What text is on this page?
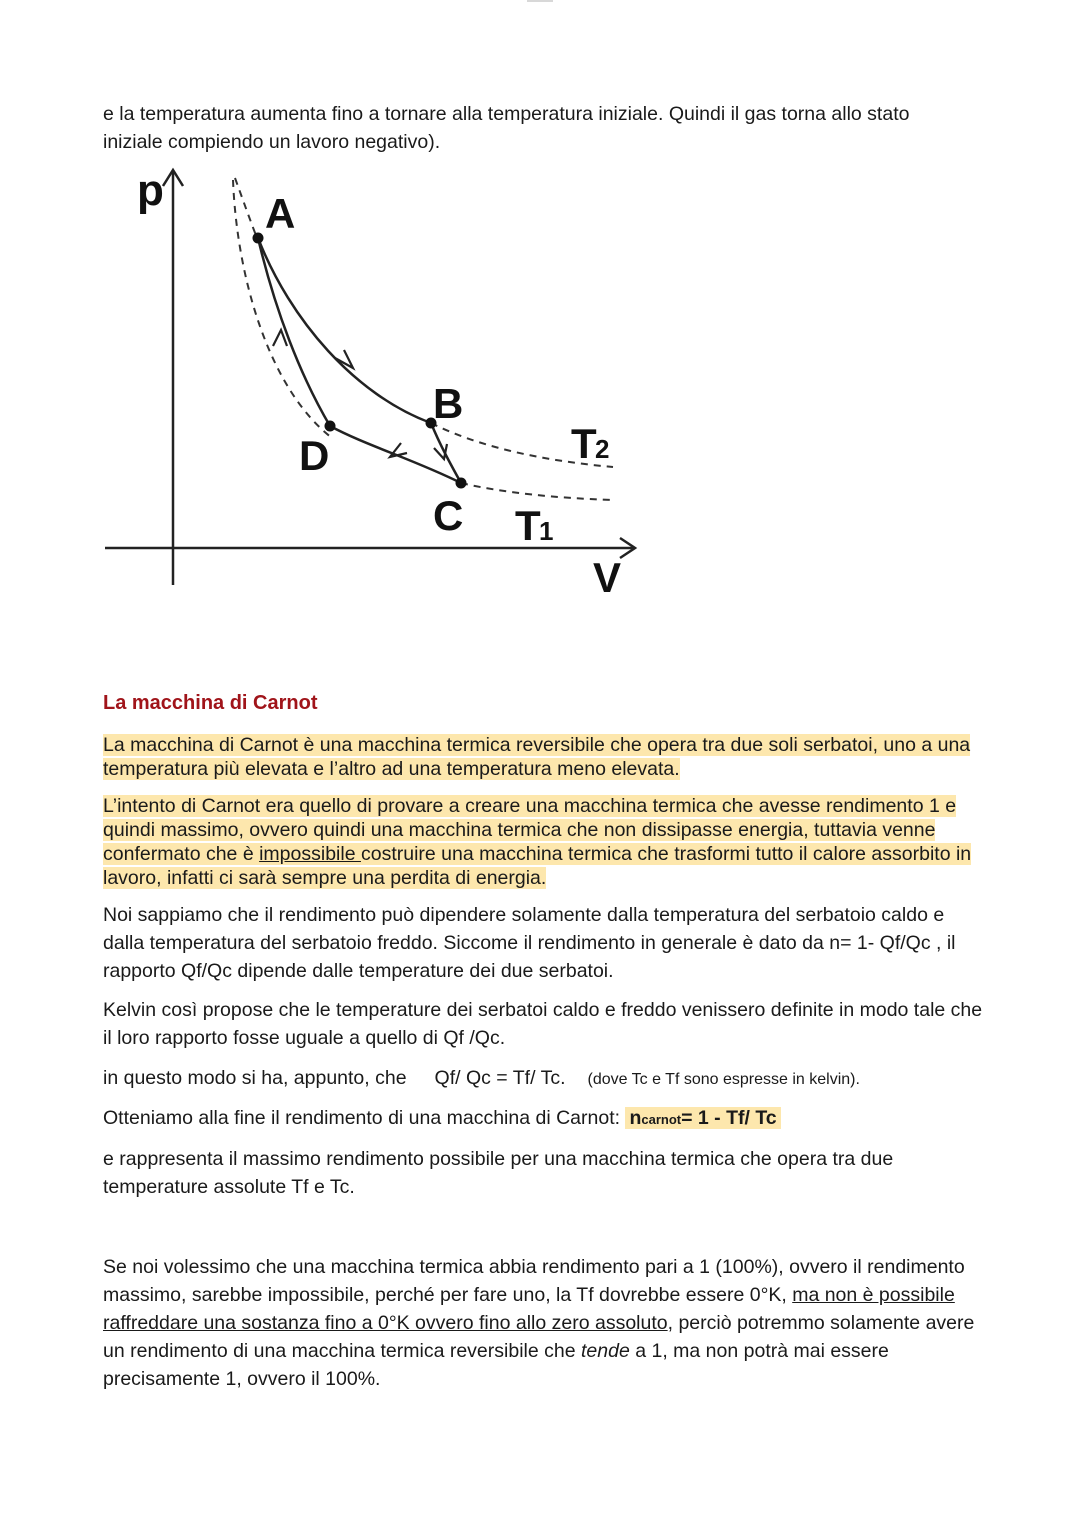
e la temperatura aumenta fino a tornare alla temperatura iniziale. Quindi il gas torna allo stato

iniziale compiendo un lavoro negativo).

p A
B
C
D	T
2
T
1
V
La macchina di Carnot

La macchina di Carnot è una macchina termica reversibile che opera tra due soli serbatoi, uno a una temperatura più elevata e l’altro ad una temperatura meno elevata.

L’intento di Carnot era quello di provare a creare una macchina termica che avesse rendimento 1 e quindi massimo, ovvero quindi una macchina termica che non dissipasse energia, tuttavia venne confermato che è impossibile costruire una macchina termica che trasformi tutto il calore assorbito in lavoro, infatti ci sarà sempre una perdita di energia.

Noi sappiamo che il rendimento può dipendere solamente dalla temperatura del serbatoio caldo e dalla temperatura del serbatoio freddo. Siccome il rendimento in generale è dato da n= 1- Qf/Qc , il rapporto Qf/Qc dipende dalle temperature dei due serbatoi.

Kelvin così propose che le temperature dei serbatoi caldo e freddo venissero definite in modo tale che il loro rapporto fosse uguale a quello di Qf /Qc.

in questo modo si ha, appunto, che Qf/ Qc = Tf/ Tc. (dove Tc e Tf sono espresse in kelvin).

Otteniamo alla fine il rendimento di una macchina di Carnot: ncarnot= 1 - Tf/ Tc

e rappresenta il massimo rendimento possibile per una macchina termica che opera tra due temperature assolute Tf e Tc.

Se noi volessimo che una macchina termica abbia rendimento pari a 1 (100%), ovvero il rendimento massimo, sarebbe impossibile, perché per fare uno, la Tf dovrebbe essere 0°K, ma non è possibile raffreddare una sostanza fino a 0°K ovvero fino allo zero assoluto, perciò potremmo solamente avere un rendimento di una macchina termica reversibile che tende a 1, ma non potrà mai essere precisamente 1, ovvero il 100%.
